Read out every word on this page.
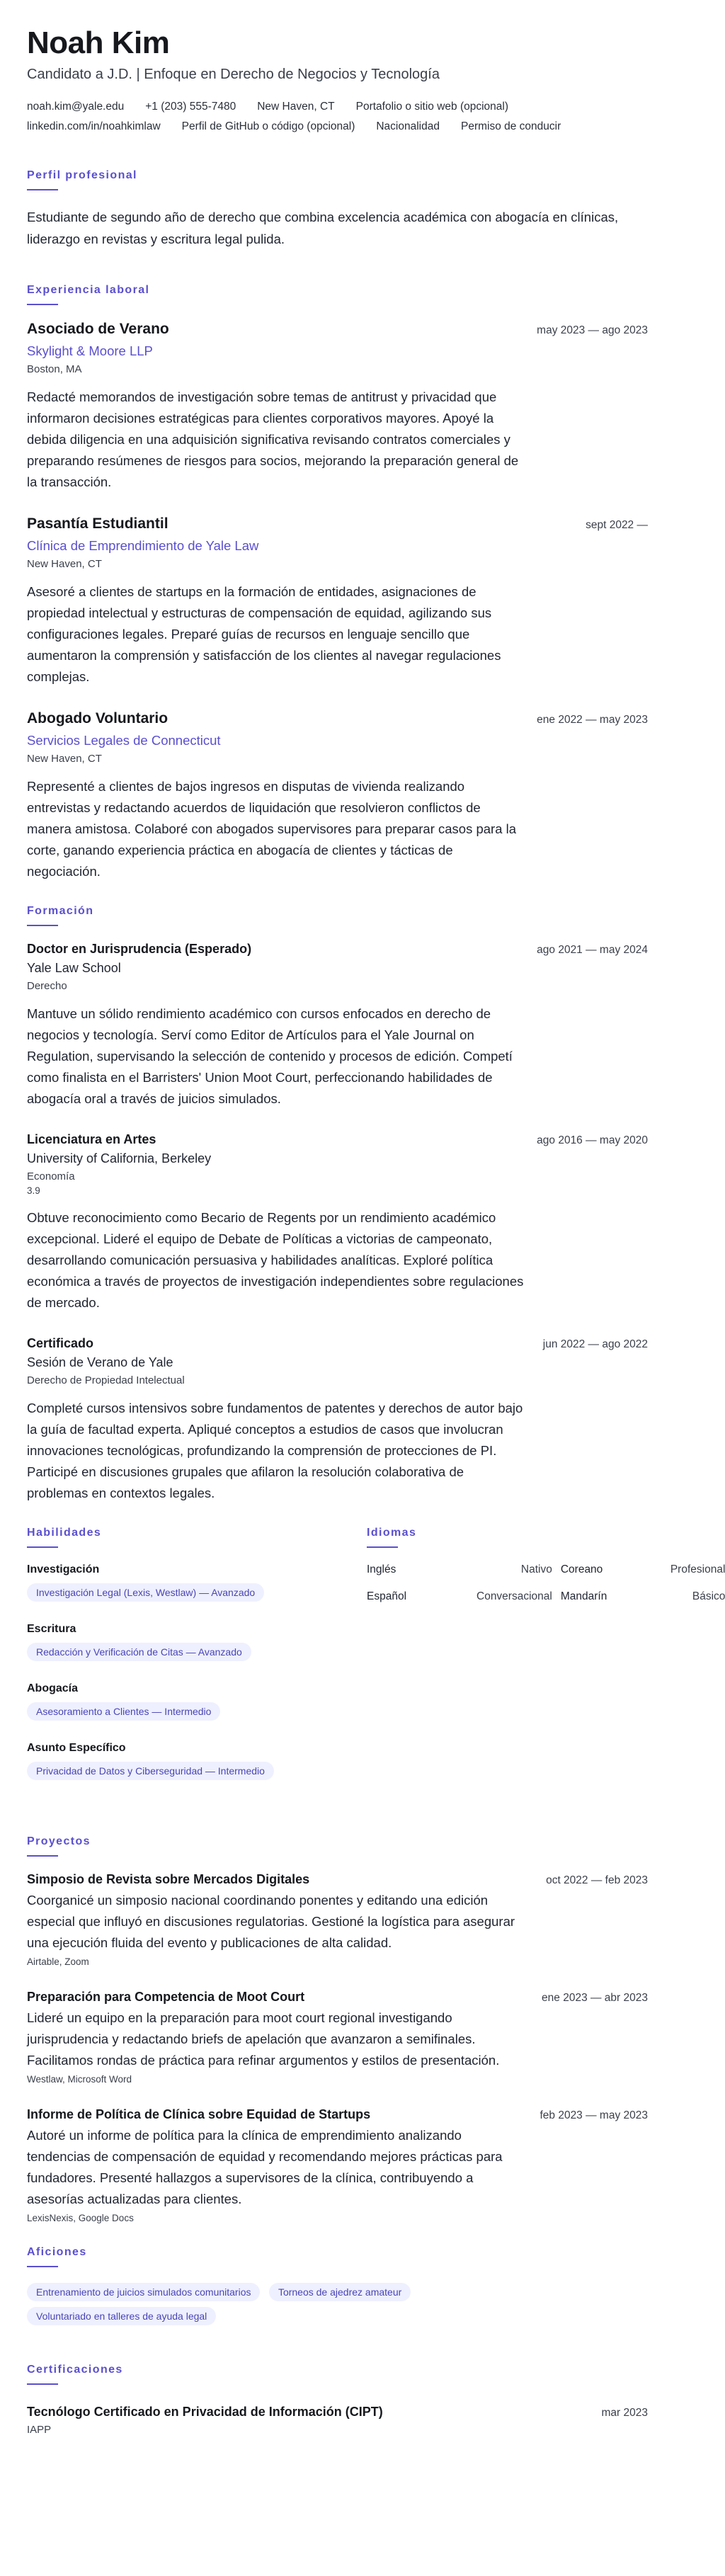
Noah Kim
Candidato a J.D. | Enfoque en Derecho de Negocios y Tecnología
noah.kim@yale.edu +1 (203) 555-7480 New Haven, CT Portafolio o sitio web (opcional)
linkedin.com/in/noahkimlaw Perfil de GitHub o código (opcional) Nacionalidad Permiso de conducir
Perfil profesional

Estudiante de segundo año de derecho que combina excelencia académica con abogacía en clínicas, liderazgo en revistas y escritura legal pulida.

Experiencia laboral
Asociado de Verano	may 2023 — ago 2023
Skylight & Moore LLP
Boston, MA

Redacté memorandos de investigación sobre temas de antitrust y privacidad que informaron decisiones estratégicas para clientes corporativos mayores. Apoyé la debida diligencia en una adquisición significativa revisando contratos comerciales y preparando resúmenes de riesgos para socios, mejorando la preparación general de la transacción.

Pasantía Estudiantil	sept 2022 —
Clínica de Emprendimiento de Yale Law
New Haven, CT

Asesoré a clientes de startups en la formación de entidades, asignaciones de propiedad intelectual y estructuras de compensación de equidad, agilizando sus configuraciones legales. Preparé guías de recursos en lenguaje sencillo que aumentaron la comprensión y satisfacción de los clientes al navegar regulaciones complejas.

Abogado Voluntario	ene 2022 — may 2023
Servicios Legales de Connecticut
New Haven, CT

Representé a clientes de bajos ingresos en disputas de vivienda realizando entrevistas y redactando acuerdos de liquidación que resolvieron conflictos de manera amistosa. Colaboré con abogados supervisores para preparar casos para la corte, ganando experiencia práctica en abogacía de clientes y tácticas de negociación.

Formación
Doctor en Jurisprudencia (Esperado)	ago 2021 — may 2024
Yale Law School
Derecho

Mantuve un sólido rendimiento académico con cursos enfocados en derecho de negocios y tecnología. Serví como Editor de Artículos para el Yale Journal on Regulation, supervisando la selección de contenido y procesos de edición. Competí como finalista en el Barristers' Union Moot Court, perfeccionando habilidades de abogacía oral a través de juicios simulados.

Licenciatura en Artes	ago 2016 — may 2020
University of California, Berkeley
Economía
3.9

Obtuve reconocimiento como Becario de Regents por un rendimiento académico excepcional. Lideré el equipo de Debate de Políticas a victorias de campeonato, desarrollando comunicación persuasiva y habilidades analíticas. Exploré política económica a través de proyectos de investigación independientes sobre regulaciones de mercado.

Certificado	jun 2022 — ago 2022
Sesión de Verano de Yale
Derecho de Propiedad Intelectual

Completé cursos intensivos sobre fundamentos de patentes y derechos de autor bajo la guía de facultad experta. Apliqué conceptos a estudios de casos que involucran innovaciones tecnológicas, profundizando la comprensión de protecciones de PI. Participé en discusiones grupales que afilaron la resolución colaborativa de problemas en contextos legales.

Habilidades
Investigación
Investigación Legal (Lexis, Westlaw) — Avanzado
Escritura
Redacción y Verificación de Citas — Avanzado
Abogacía
Asesoramiento a Clientes — Intermedio
Asunto Específico
Privacidad de Datos y Ciberseguridad — Intermedio
Idiomas
Inglés	Nativo Coreano	Profesional
Español	Conversacional Mandarín	Básico
Proyectos
Simposio de Revista sobre Mercados Digitales	oct 2022 — feb 2023

Coorganicé un simposio nacional coordinando ponentes y editando una edición especial que influyó en discusiones regulatorias. Gestioné la logística para asegurar una ejecución fluida del evento y publicaciones de alta calidad.

Airtable, Zoom
Preparación para Competencia de Moot Court	ene 2023 — abr 2023

Lideré un equipo en la preparación para moot court regional investigando jurisprudencia y redactando briefs de apelación que avanzaron a semifinales. Facilitamos rondas de práctica para refinar argumentos y estilos de presentación.

Westlaw, Microsoft Word
Informe de Política de Clínica sobre Equidad de Startups	feb 2023 — may 2023

Autoré un informe de política para la clínica de emprendimiento analizando tendencias de compensación de equidad y recomendando mejores prácticas para fundadores. Presenté hallazgos a supervisores de la clínica, contribuyendo a asesorías actualizadas para clientes.

LexisNexis, Google Docs
Aficiones
Entrenamiento de juicios simulados comunitarios	Torneos de ajedrez amateur Voluntariado en talleres de ayuda legal
Certificaciones
Tecnólogo Certificado en Privacidad de Información (CIPT)	mar 2023
IAPP
